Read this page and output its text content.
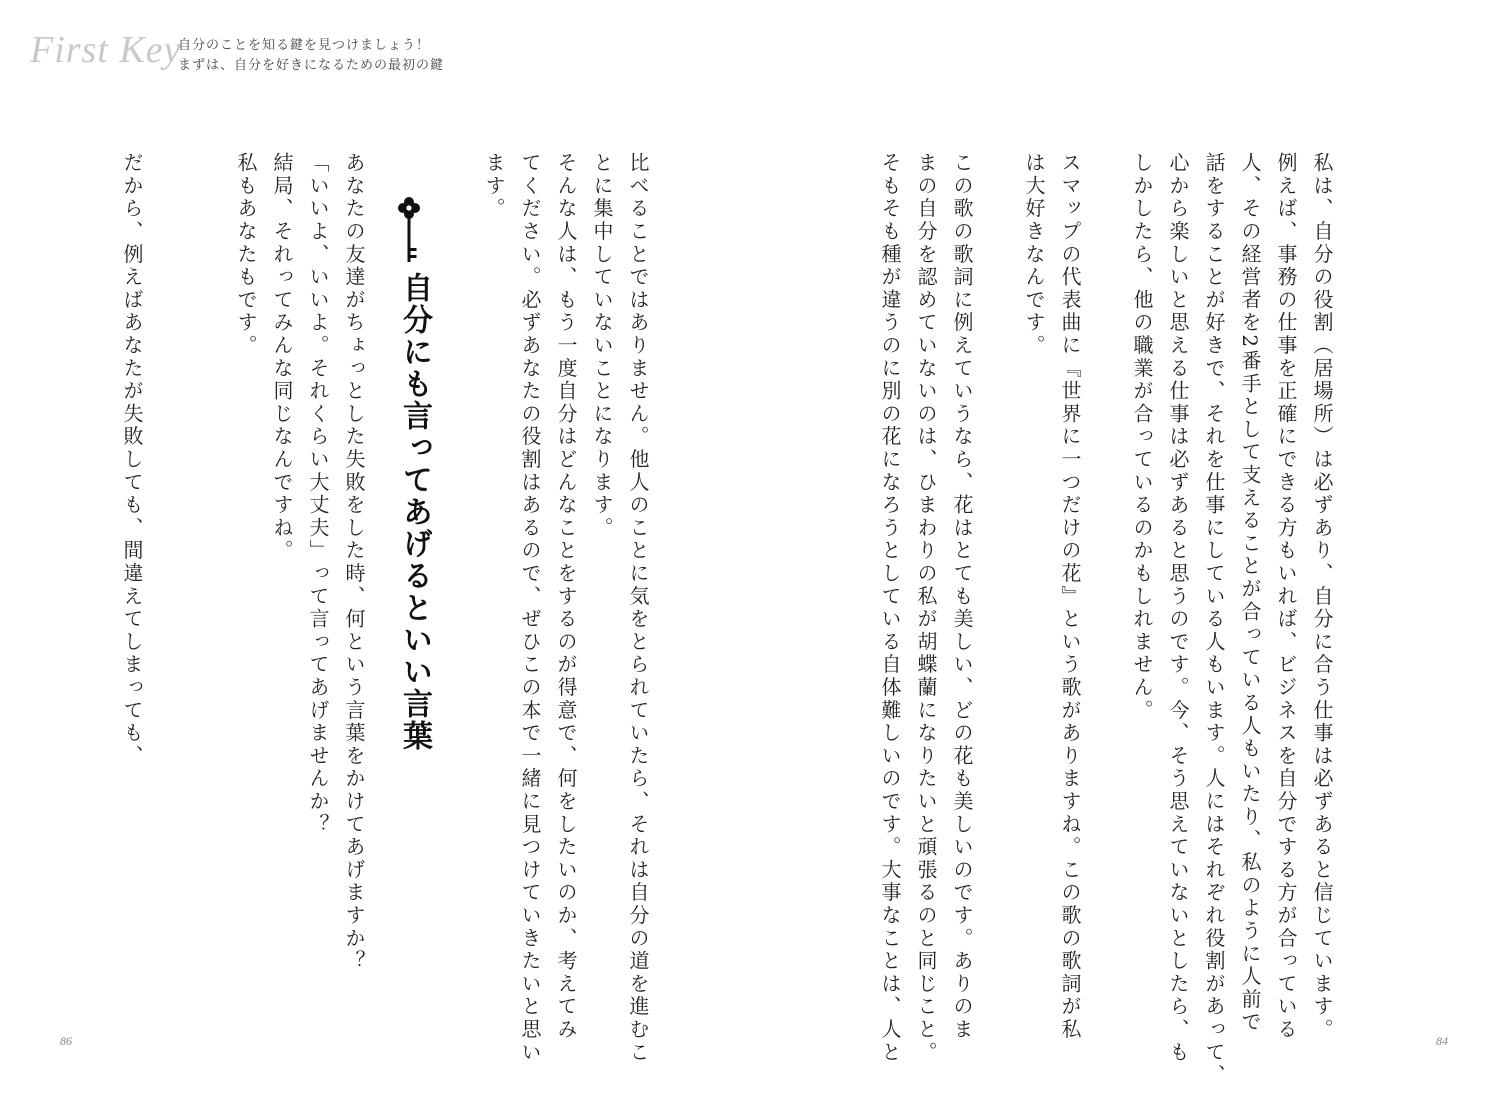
First Key
自分のことを知る鍵を見つけましょう！
まずは、自分を好きになるための最初の鍵
私は、自分の役割（居場所）は必ずあり、自分に合う仕事は必ずあると信じています。
例えば、事務の仕事を正確にできる方もいれば、ビジネスを自分でする方が合っている
人、その経営者を2番手として支えることが合っている人もいたり、私のように人前で
話をすることが好きで、それを仕事にしている人もいます。人にはそれぞれ役割があって、
心から楽しいと思える仕事は必ずあると思うのです。今、そう思えていないとしたら、も
しかしたら、他の職業が合っているのかもしれません。
スマップの代表曲に『世界に一つだけの花』という歌がありますね。この歌の歌詞が私
は大好きなんです。
この歌の歌詞に例えていうなら、花はとても美しい、どの花も美しいのです。ありのま
まの自分を認めていないのは、ひまわりの私が胡蝶蘭になりたいと頑張るのと同じこと。
そもそも種が違うのに別の花になろうとしている自体難しいのです。大事なことは、人と
比べることではありません。他人のことに気をとられていたら、それは自分の道を進むこ
とに集中していないことになります。
そんな人は、もう一度自分はどんなことをするのが得意で、何をしたいのか、考えてみ
てください。必ずあなたの役割はあるので、ぜひこの本で一緒に見つけていきたいと思い
ます。
自分にも言ってあげるといい言葉
あなたの友達がちょっとした失敗をした時、何という言葉をかけてあげますか？
「いいよ、いいよ。それくらい大丈夫」って言ってあげませんか？
結局、それってみんな同じなんですね。
私もあなたもです。
だから、例えばあなたが失敗しても、間違えてしまっても、
86	84
